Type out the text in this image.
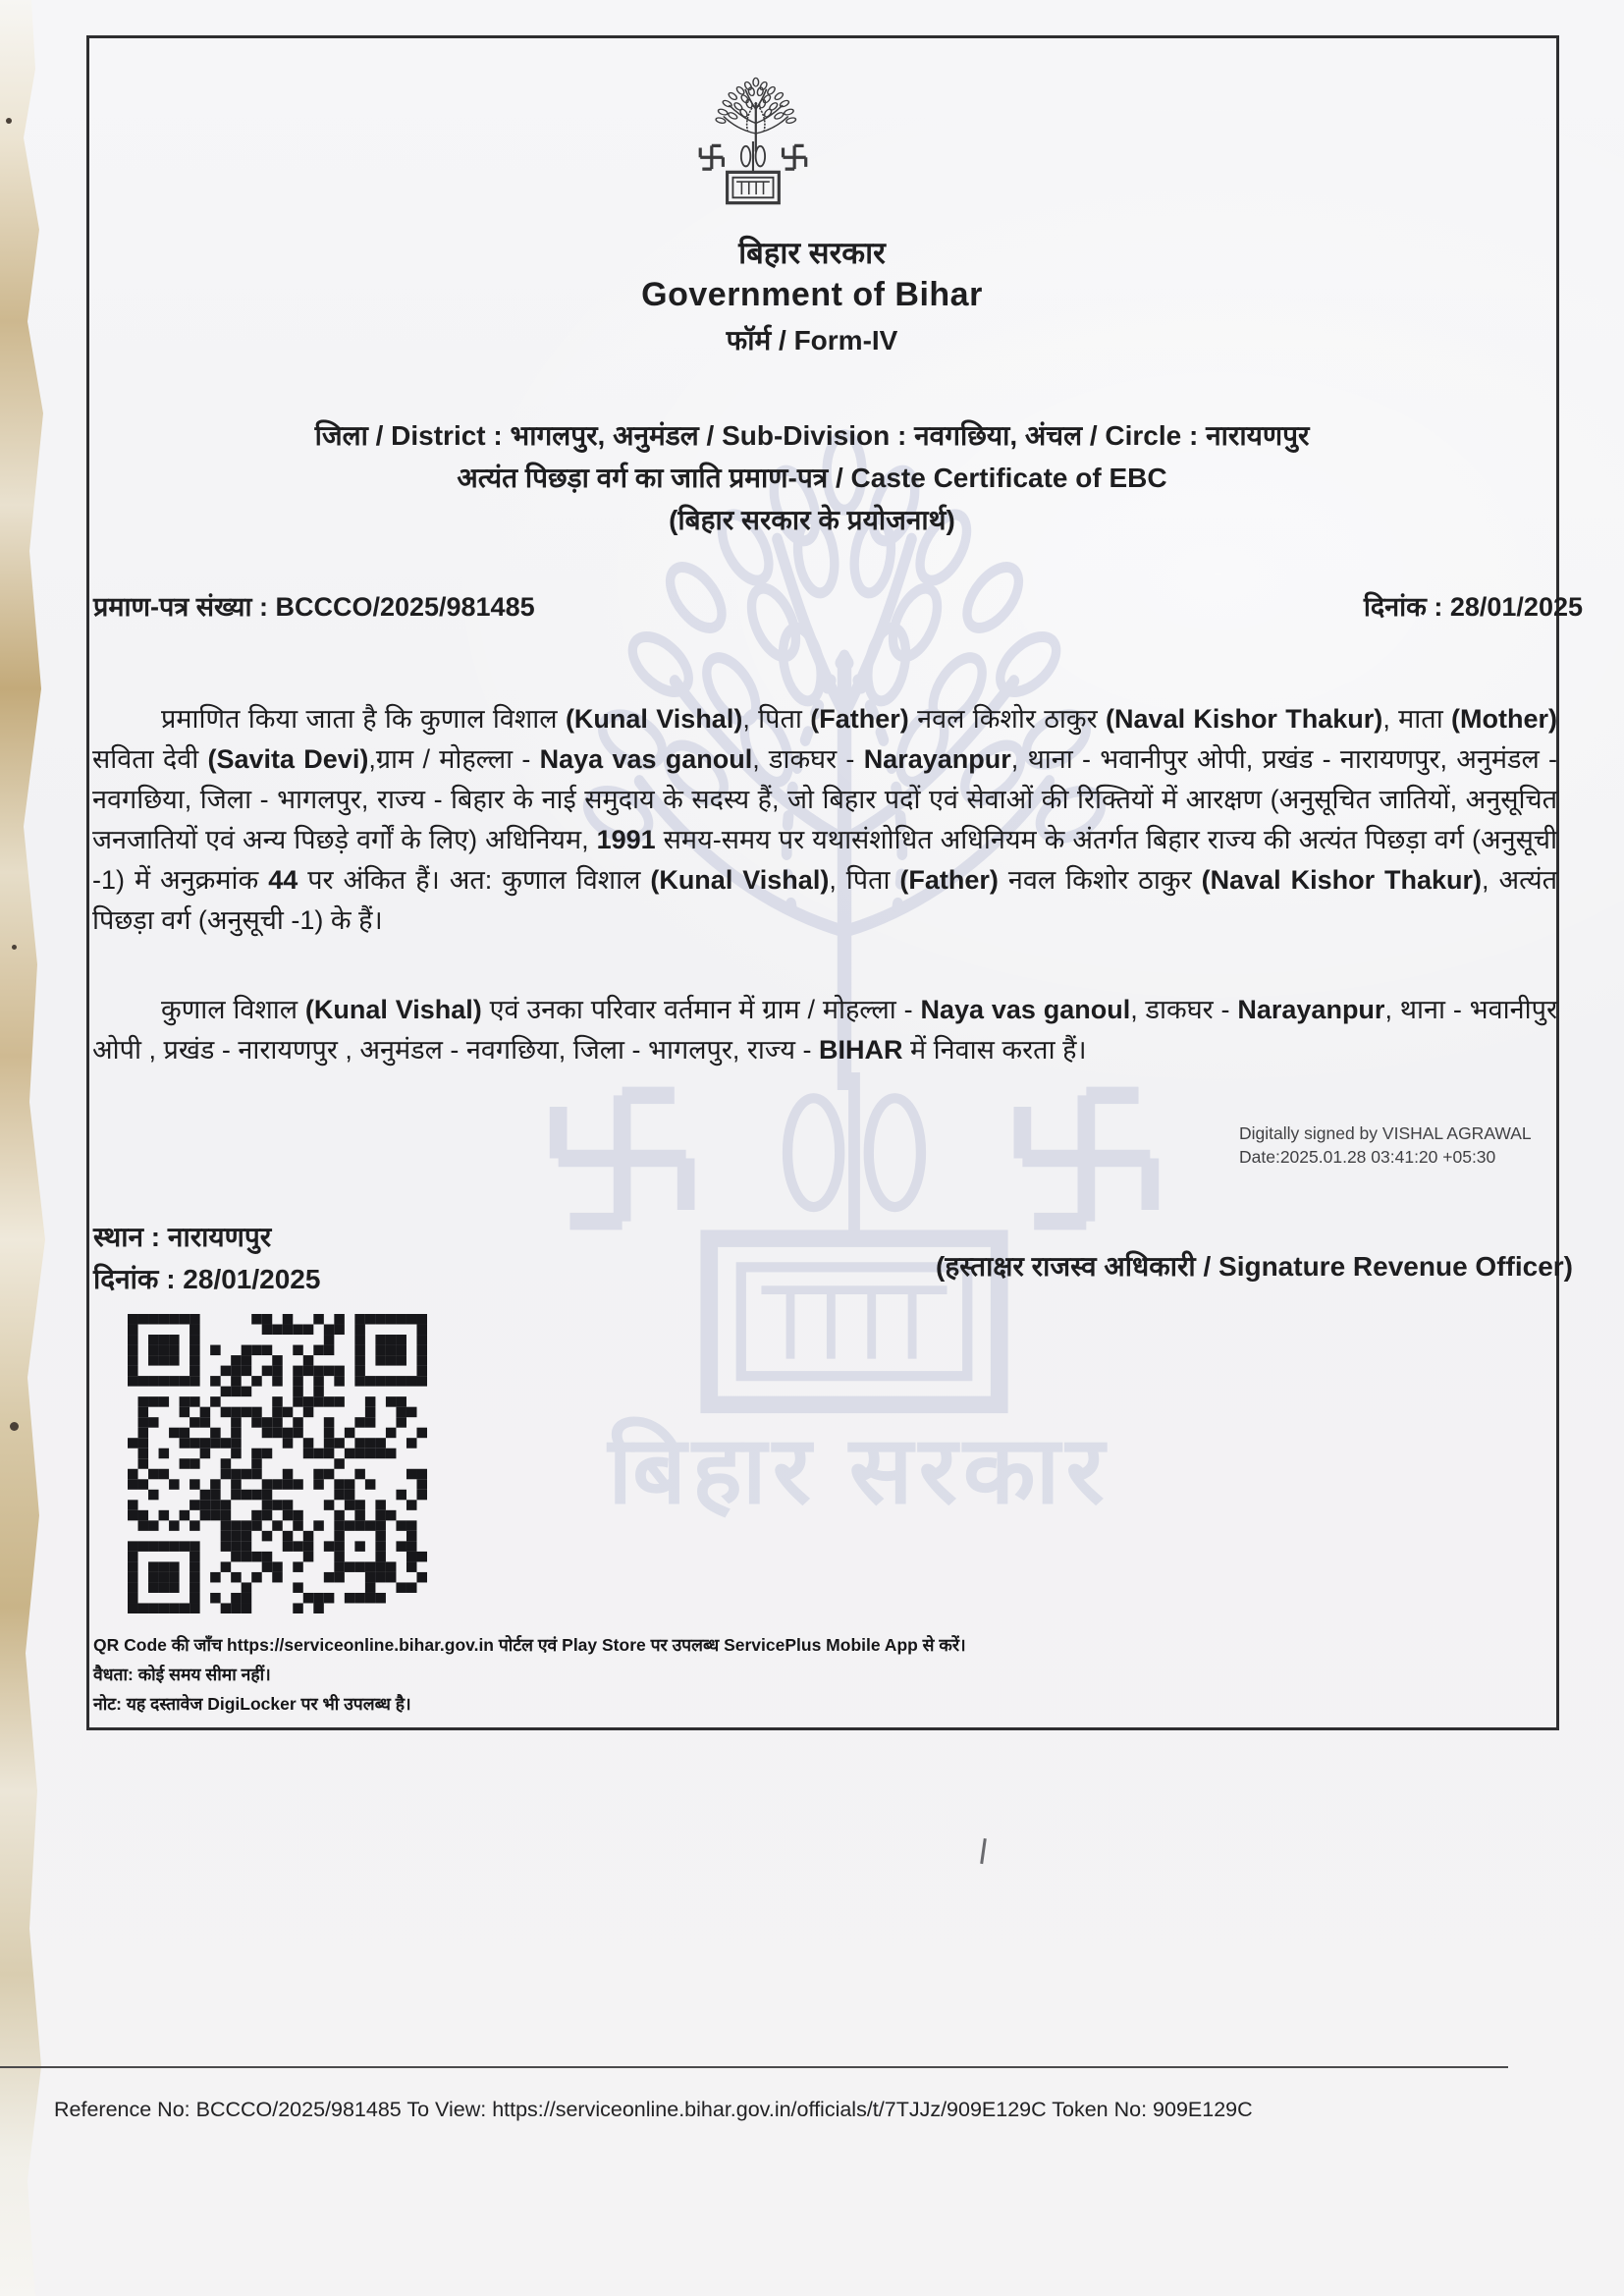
बिहार सरकार
बिहार सरकार
Government of Bihar
फॉर्म / Form-IV
जिला / District : भागलपुर, अनुमंडल / Sub-Division : नवगछिया, अंचल / Circle : नारायणपुर
अत्यंत पिछड़ा वर्ग का जाति प्रमाण-पत्र / Caste Certificate of EBC
(बिहार सरकार के प्रयोजनार्थ)
प्रमाण-पत्र संख्या : BCCCO/2025/981485	दिनांक : 28/01/2025
प्रमाणित किया जाता है कि कुणाल विशाल (Kunal Vishal), पिता (Father) नवल किशोर ठाकुर (Naval Kishor Thakur), माता (Mother) सविता देवी (Savita Devi),ग्राम / मोहल्ला - Naya vas ganoul, डाकघर - Narayanpur, थाना - भवानीपुर ओपी, प्रखंड - नारायणपुर, अनुमंडल - नवगछिया, जिला - भागलपुर, राज्य - बिहार के नाई समुदाय के सदस्य हैं, जो बिहार पदों एवं सेवाओं की रिक्तियों में आरक्षण (अनुसूचित जातियों, अनुसूचित जनजातियों एवं अन्य पिछड़े वर्गों के लिए) अधिनियम, 1991 समय-समय पर यथासंशोधित अधिनियम के अंतर्गत बिहार राज्य की अत्यंत पिछड़ा वर्ग (अनुसूची -1) में अनुक्रमांक 44 पर अंकित हैं। अत: कुणाल विशाल (Kunal Vishal), पिता (Father) नवल किशोर ठाकुर (Naval Kishor Thakur), अत्यंत पिछड़ा वर्ग (अनुसूची -1) के हैं।
कुणाल विशाल (Kunal Vishal) एवं उनका परिवार वर्तमान में ग्राम / मोहल्ला - Naya vas ganoul, डाकघर - Narayanpur, थाना - भवानीपुर ओपी , प्रखंड - नारायणपुर , अनुमंडल - नवगछिया, जिला - भागलपुर, राज्य - BIHAR में निवास करता हैं।
Digitally signed by VISHAL AGRAWAL
Date:2025.01.28 03:41:20 +05:30
स्थान : नारायणपुर
दिनांक : 28/01/2025	(हस्ताक्षर राजस्व अधिकारी / Signature Revenue Officer)
QR Code की जाँच https://serviceonline.bihar.gov.in पोर्टल एवं Play Store पर उपलब्ध ServicePlus Mobile App से करें।
वैधता: कोई समय सीमा नहीं।
नोट: यह दस्तावेज DigiLocker पर भी उपलब्ध है।
Reference No: BCCCO/2025/981485 To View: https://serviceonline.bihar.gov.in/officials/t/7TJJz/909E129C Token No: 909E129C
